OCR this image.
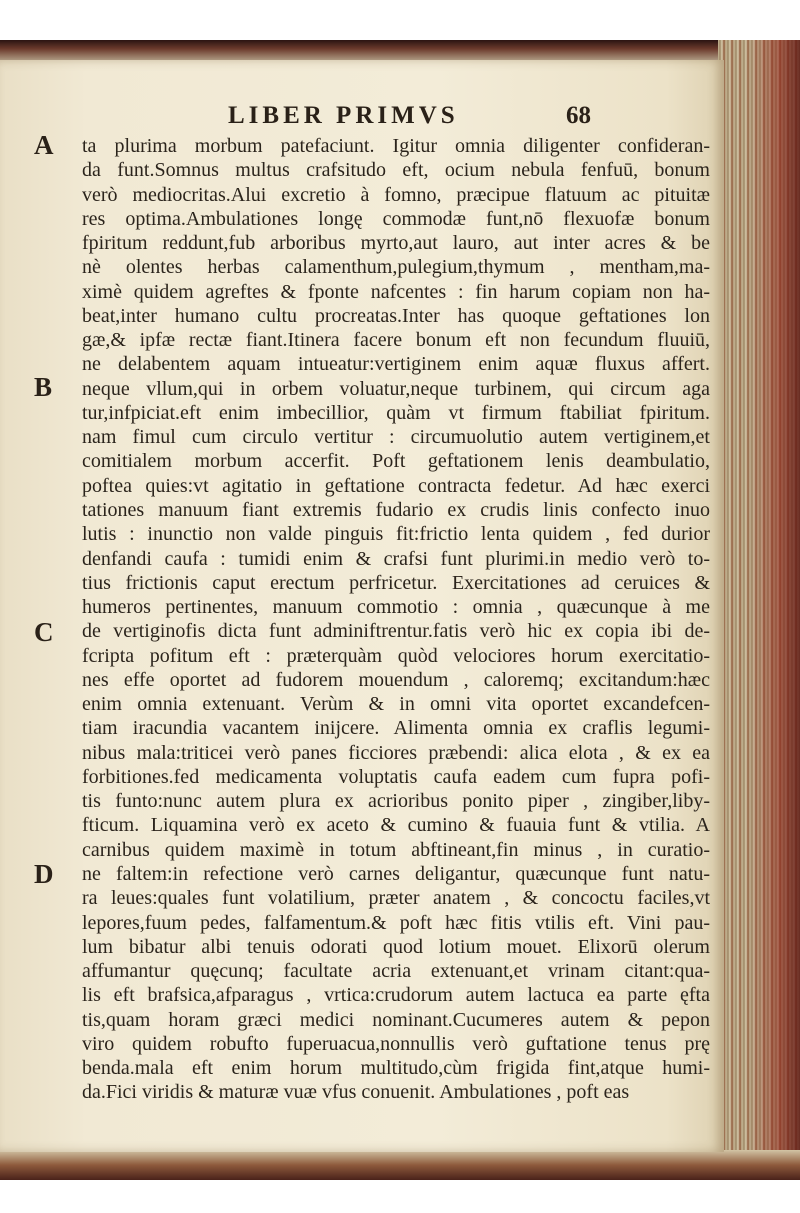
LIBER PRIMVS	68
A
B
C
D
ta plurima morbum patefaciunt. Igitur omnia diligenter confideran-
da funt.Somnus multus crafsitudo eft, ocium nebula fenfuū, bonum
verò mediocritas.Alui excretio à fomno, præcipue flatuum ac pituitæ
res optima.Ambulationes longę commodæ funt,nō flexuofæ bonum
fpiritum reddunt,fub arboribus myrto,aut lauro, aut inter acres & be
nè olentes herbas calamenthum,pulegium,thymum , mentham,ma-
ximè quidem agreftes & fponte nafcentes : fin harum copiam non ha-
beat,inter humano cultu procreatas.Inter has quoque geftationes lon
gæ,& ipfæ rectæ fiant.Itinera facere bonum eft non fecundum fluuiū,
ne delabentem aquam intueatur:vertiginem enim aquæ fluxus affert.
neque vllum,qui in orbem voluatur,neque turbinem, qui circum aga
tur,infpiciat.eft enim imbecillior, quàm vt firmum ftabiliat fpiritum.
nam fimul cum circulo vertitur : circumuolutio autem vertiginem,et
comitialem morbum accerfit. Poft geftationem lenis deambulatio,
poftea quies:vt agitatio in geftatione contracta fedetur. Ad hæc exerci
tationes manuum fiant extremis fudario ex crudis linis confecto inuo
lutis : inunctio non valde pinguis fit:frictio lenta quidem , fed durior
denfandi caufa : tumidi enim & crafsi funt plurimi.in medio verò to-
tius frictionis caput erectum perfricetur. Exercitationes ad ceruices &
humeros pertinentes, manuum commotio : omnia , quæcunque à me
de vertiginofis dicta funt adminiftrentur.fatis verò hic ex copia ibi de-
fcripta pofitum eft : præterquàm quòd velociores horum exercitatio-
nes effe oportet ad fudorem mouendum , caloremq; excitandum:hæc
enim omnia extenuant. Verùm & in omni vita oportet excandefcen-
tiam iracundia vacantem inijcere. Alimenta omnia ex craflis legumi-
nibus mala:triticei verò panes ficciores præbendi: alica elota , & ex ea
forbitiones.fed medicamenta voluptatis caufa eadem cum fupra pofi-
tis funto:nunc autem plura ex acrioribus ponito piper , zingiber,liby-
fticum. Liquamina verò ex aceto & cumino & fuauia funt & vtilia. A
carnibus quidem maximè in totum abftineant,fin minus , in curatio-
ne faltem:in refectione verò carnes deligantur, quæcunque funt natu-
ra leues:quales funt volatilium, præter anatem , & concoctu faciles,vt
lepores,fuum pedes, falfamentum.& poft hæc fitis vtilis eft. Vini pau-
lum bibatur albi tenuis odorati quod lotium mouet. Elixorū olerum
affumantur quęcunq; facultate acria extenuant,et vrinam citant:qua-
lis eft brafsica,afparagus , vrtica:crudorum autem lactuca ea parte ęfta
tis,quam horam græci medici nominant.Cucumeres autem & pepon
viro quidem robufto fuperuacua,nonnullis verò guftatione tenus prę
benda.mala eft enim horum multitudo,cùm frigida fint,atque humi-
da.Fici viridis & maturæ vuæ vfus conuenit. Ambulationes , poft eas
